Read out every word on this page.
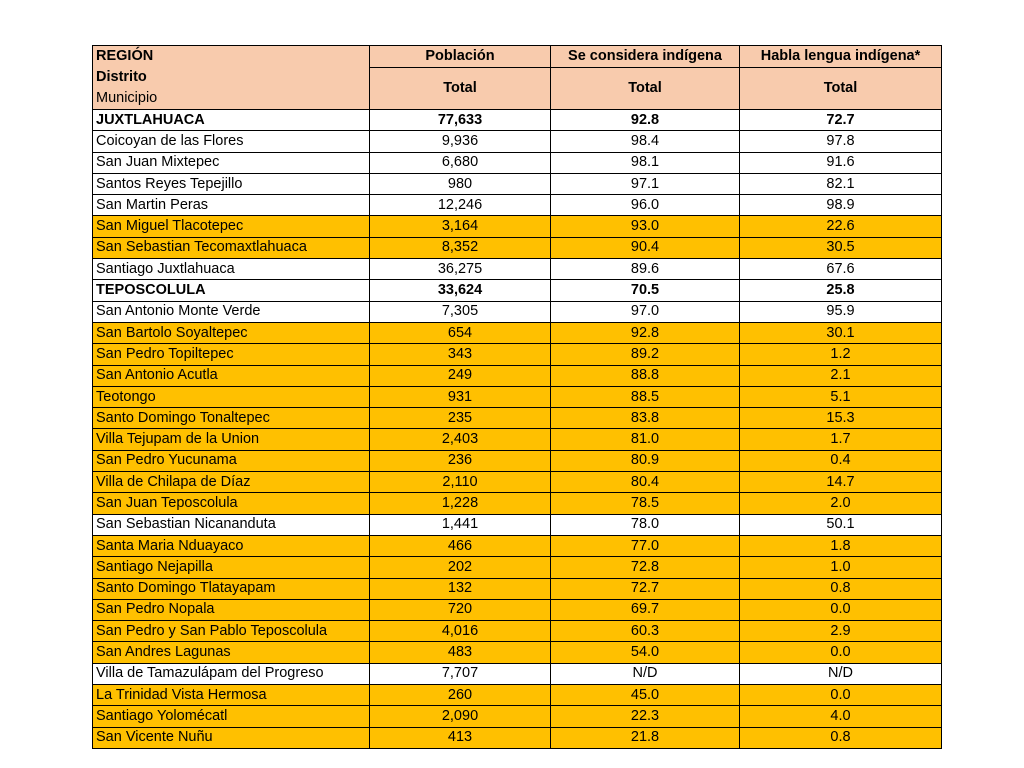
REGIÓN
Distrito
Municipio	Población	Se considera indígena	Habla lengua indígena*
	Total	Total	Total
JUXTLAHUACA	77,633	92.8	72.7
Coicoyan de las Flores	9,936	98.4	97.8
San Juan Mixtepec	6,680	98.1	91.6
Santos Reyes Tepejillo	980	97.1	82.1
San Martin Peras	12,246	96.0	98.9
San Miguel Tlacotepec	3,164	93.0	22.6
San Sebastian Tecomaxtlahuaca	8,352	90.4	30.5
Santiago Juxtlahuaca	36,275	89.6	67.6
TEPOSCOLULA	33,624	70.5	25.8
San Antonio Monte Verde	7,305	97.0	95.9
San Bartolo Soyaltepec	654	92.8	30.1
San Pedro Topiltepec	343	89.2	1.2
San Antonio Acutla	249	88.8	2.1
Teotongo	931	88.5	5.1
Santo Domingo Tonaltepec	235	83.8	15.3
Villa Tejupam de la Union	2,403	81.0	1.7
San Pedro Yucunama	236	80.9	0.4
Villa de Chilapa de Díaz	2,110	80.4	14.7
San Juan Teposcolula	1,228	78.5	2.0
San Sebastian Nicananduta	1,441	78.0	50.1
Santa Maria Nduayaco	466	77.0	1.8
Santiago Nejapilla	202	72.8	1.0
Santo Domingo Tlatayapam	132	72.7	0.8
San Pedro Nopala	720	69.7	0.0
San Pedro y San Pablo Teposcolula	4,016	60.3	2.9
San Andres Lagunas	483	54.0	0.0
Villa de Tamazulápam del Progreso	7,707	N/D	N/D
La Trinidad Vista Hermosa	260	45.0	0.0
Santiago Yolomécatl	2,090	22.3	4.0
San Vicente Nuñu	413	21.8	0.8
